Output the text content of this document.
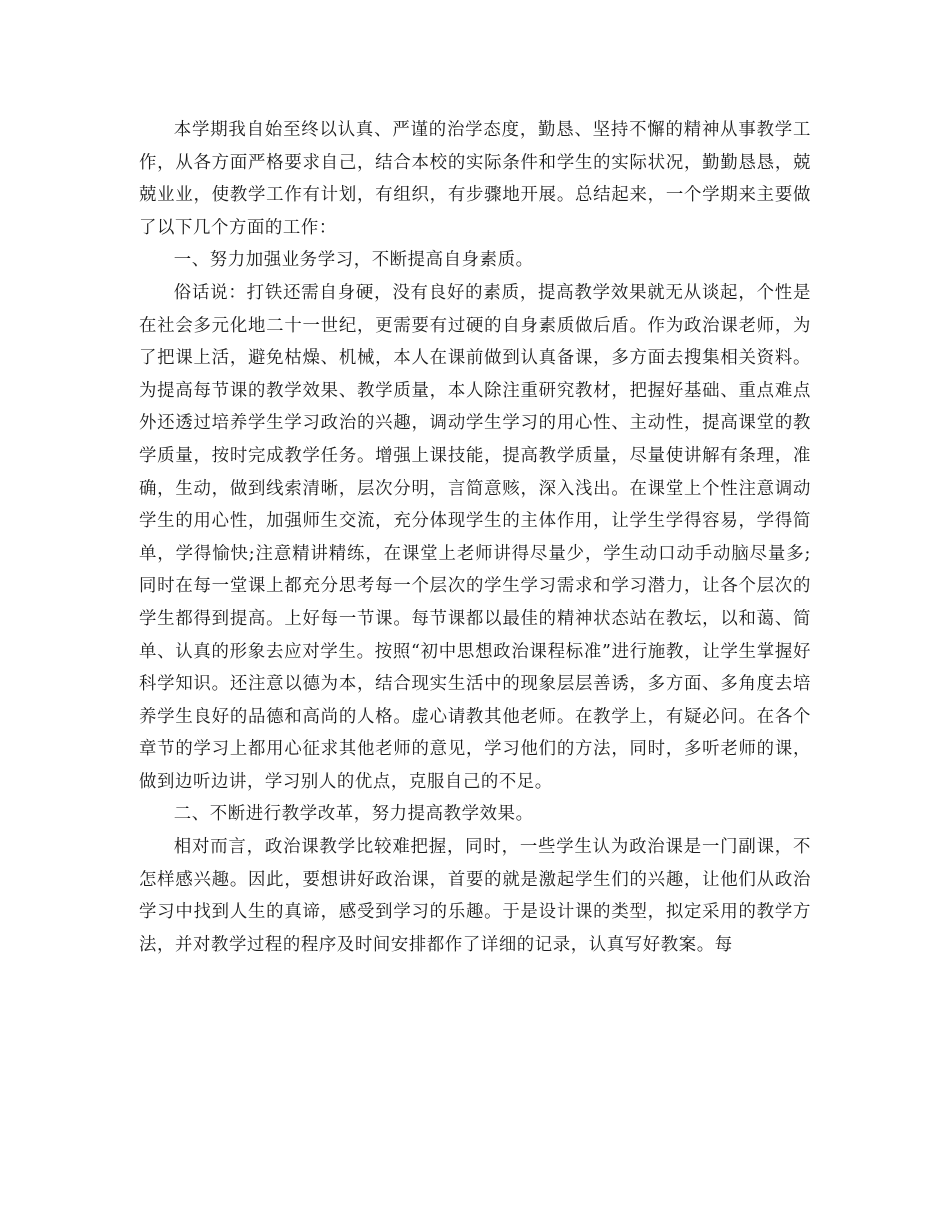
本学期我自始至终以认真、严谨的治学态度，勤恳、坚持不懈的精神从事教学工作，从各方面严格要求自己，结合本校的实际条件和学生的实际状况，勤勤恳恳，兢兢业业，使教学工作有计划，有组织，有步骤地开展。总结起来，一个学期来主要做了以下几个方面的工作：

一、努力加强业务学习，不断提高自身素质。

俗话说：打铁还需自身硬，没有良好的素质，提高教学效果就无从谈起，个性是在社会多元化地二十一世纪，更需要有过硬的自身素质做后盾。作为政治课老师，为了把课上活，避免枯燥、机械，本人在课前做到认真备课，多方面去搜集相关资料。为提高每节课的教学效果、教学质量，本人除注重研究教材，把握好基础、重点难点外还透过培养学生学习政治的兴趣，调动学生学习的用心性、主动性，提高课堂的教学质量，按时完成教学任务。增强上课技能，提高教学质量，尽量使讲解有条理，准确，生动，做到线索清晰，层次分明，言简意赅，深入浅出。在课堂上个性注意调动学生的用心性，加强师生交流，充分体现学生的主体作用，让学生学得容易，学得简单，学得愉快;注意精讲精练，在课堂上老师讲得尽量少，学生动口动手动脑尽量多;同时在每一堂课上都充分思考每一个层次的学生学习需求和学习潜力，让各个层次的学生都得到提高。上好每一节课。每节课都以最佳的精神状态站在教坛，以和蔼、简单、认真的形象去应对学生。按照“初中思想政治课程标准”进行施教，让学生掌握好科学知识。还注意以德为本，结合现实生活中的现象层层善诱，多方面、多角度去培养学生良好的品德和高尚的人格。虚心请教其他老师。在教学上，有疑必问。在各个章节的学习上都用心征求其他老师的意见，学习他们的方法，同时，多听老师的课，做到边听边讲，学习别人的优点，克服自己的不足。

二、不断进行教学改革，努力提高教学效果。

相对而言，政治课教学比较难把握，同时，一些学生认为政治课是一门副课，不怎样感兴趣。因此，要想讲好政治课，首要的就是激起学生们的兴趣，让他们从政治学习中找到人生的真谛，感受到学习的乐趣。于是设计课的类型，拟定采用的教学方法，并对教学过程的程序及时间安排都作了详细的记录，认真写好教案。每
